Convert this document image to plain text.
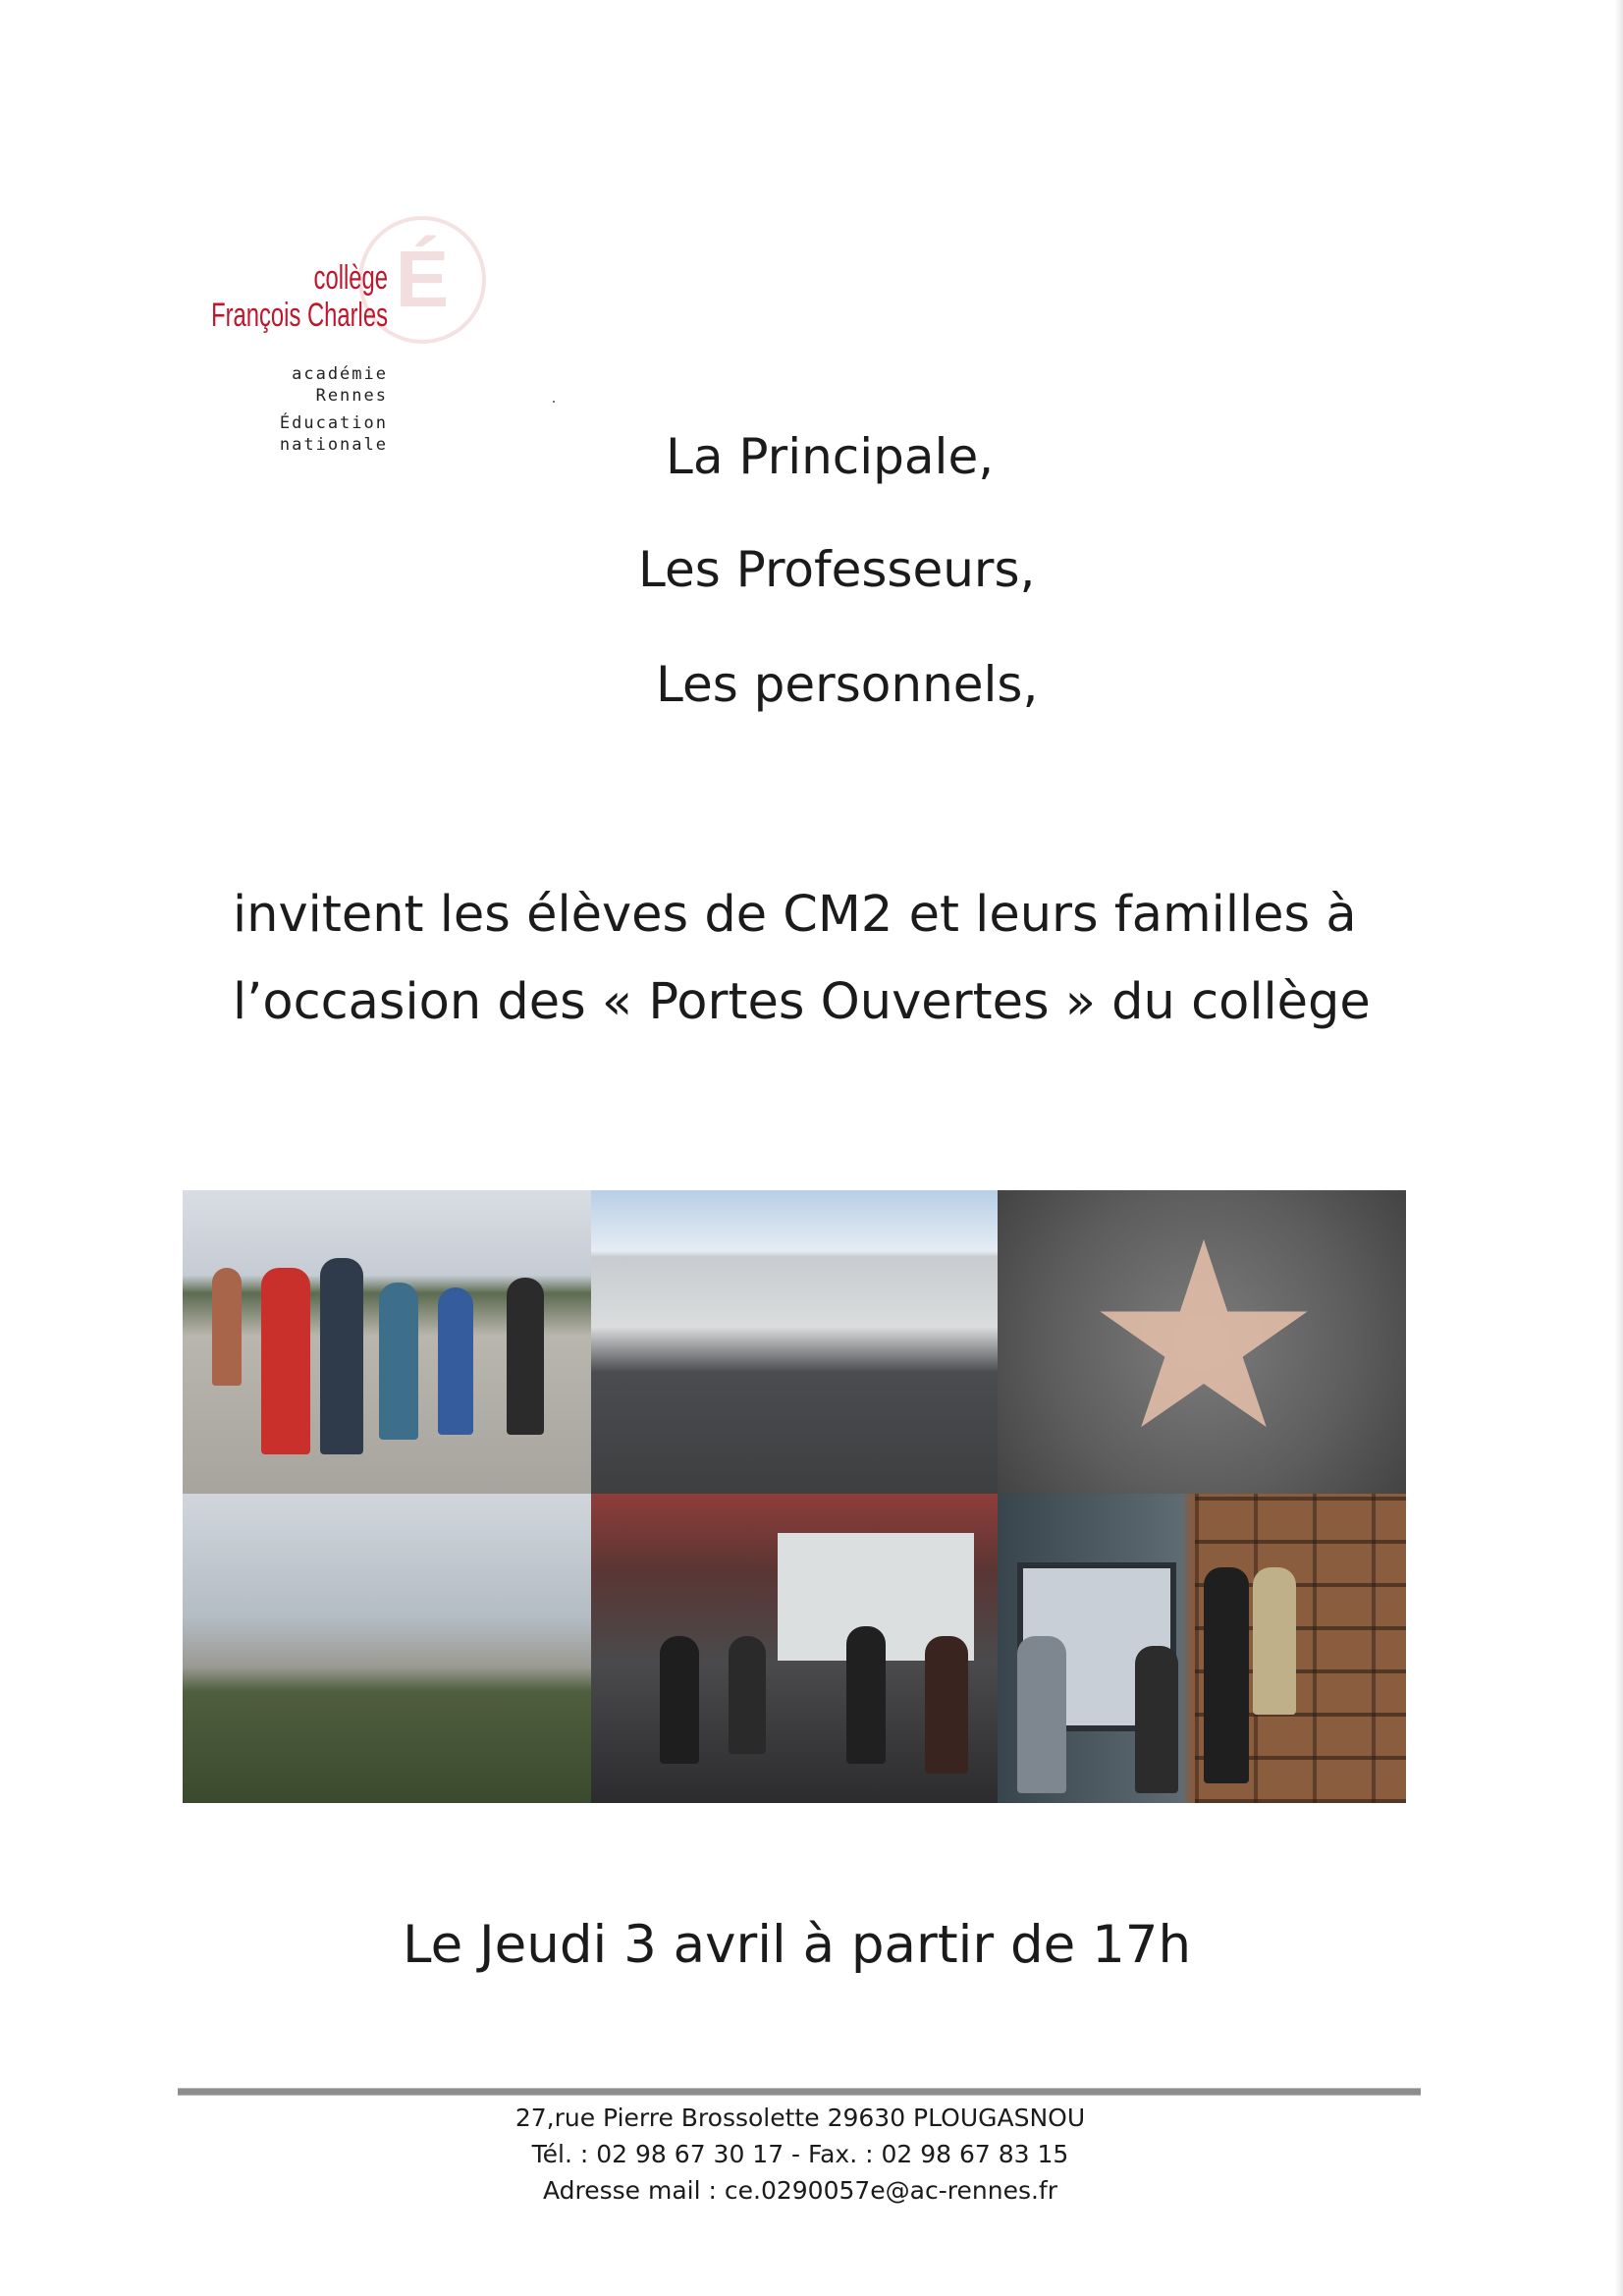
É
collège
François Charles
académie
Rennes
Éducation
nationale	La Principale,
Les Professeurs,
Les personnels,
invitent les élèves de CM2 et leurs familles à
l’occasion des « Portes Ouvertes » du collège
Le Jeudi 3 avril à partir de 17h
27,rue Pierre Brossolette 29630 PLOUGASNOU
Tél. : 02 98 67 30 17 - Fax. : 02 98 67 83 15
Adresse mail : ce.0290057e@ac-rennes.fr
